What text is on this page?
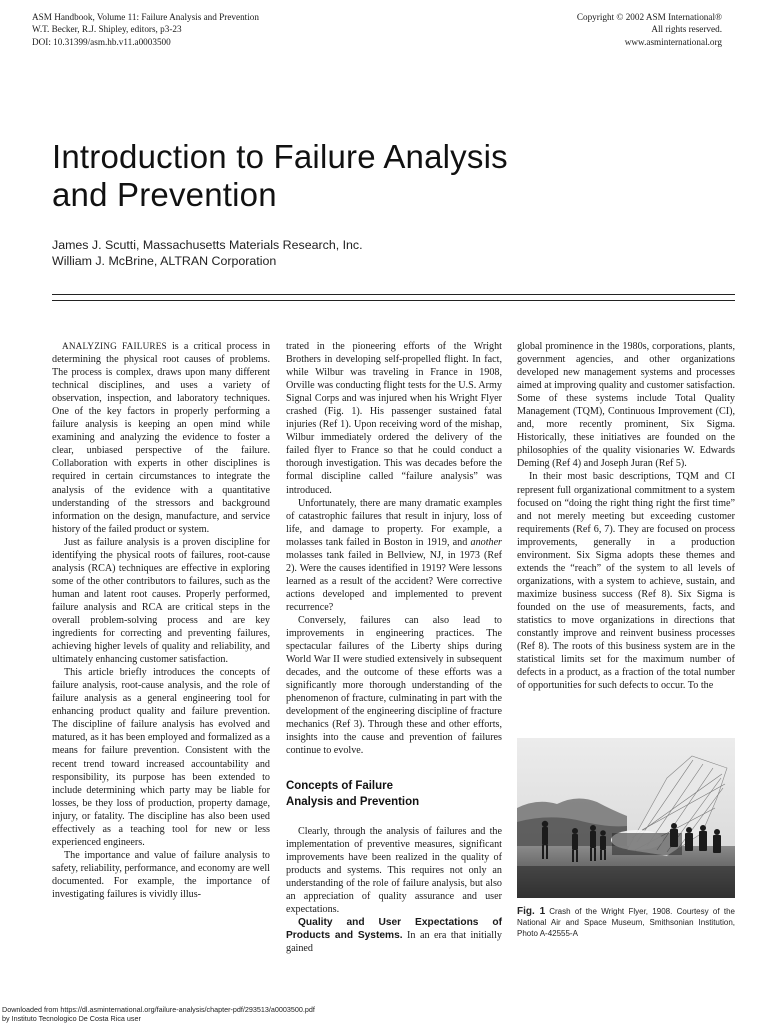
ASM Handbook, Volume 11: Failure Analysis and Prevention
W.T. Becker, R.J. Shipley, editors, p3-23
DOI: 10.31399/asm.hb.v11.a0003500
Copyright © 2002 ASM International®
All rights reserved.
www.asminternational.org
Introduction to Failure Analysis
and Prevention
James J. Scutti, Massachusetts Materials Research, Inc.
William J. McBrine, ALTRAN Corporation

ANALYZING FAILURES is a critical process in determining the physical root causes of problems. The process is complex, draws upon many different technical disciplines, and uses a variety of observation, inspection, and laboratory techniques. One of the key factors in properly performing a failure analysis is keeping an open mind while examining and analyzing the evidence to foster a clear, unbiased perspective of the failure. Collaboration with experts in other disciplines is required in certain circumstances to integrate the analysis of the evidence with a quantitative understanding of the stressors and background information on the design, manufacture, and service history of the failed product or system.

Just as failure analysis is a proven discipline for identifying the physical roots of failures, root-cause analysis (RCA) techniques are effective in exploring some of the other contributors to failures, such as the human and latent root causes. Properly performed, failure analysis and RCA are critical steps in the overall problem-solving process and are key ingredients for correcting and preventing failures, achieving higher levels of quality and reliability, and ultimately enhancing customer satisfaction.

This article briefly introduces the concepts of failure analysis, root-cause analysis, and the role of failure analysis as a general engineering tool for enhancing product quality and failure prevention. The discipline of failure analysis has evolved and matured, as it has been employed and formalized as a means for failure prevention. Consistent with the recent trend toward increased accountability and responsibility, its purpose has been extended to include determining which party may be liable for losses, be they loss of production, property damage, injury, or fatality. The discipline has also been used effectively as a teaching tool for new or less experienced engineers.

The importance and value of failure analysis to safety, reliability, performance, and economy are well documented. For example, the importance of investigating failures is vividly illus-

trated in the pioneering efforts of the Wright Brothers in developing self-propelled flight. In fact, while Wilbur was traveling in France in 1908, Orville was conducting flight tests for the U.S. Army Signal Corps and was injured when his Wright Flyer crashed (Fig. 1). His passenger sustained fatal injuries (Ref 1). Upon receiving word of the mishap, Wilbur immediately ordered the delivery of the failed flyer to France so that he could conduct a thorough investigation. This was decades before the formal discipline called “failure analysis” was introduced.

Unfortunately, there are many dramatic examples of catastrophic failures that result in injury, loss of life, and damage to property. For example, a molasses tank failed in Boston in 1919, and another molasses tank failed in Bellview, NJ, in 1973 (Ref 2). Were the causes identified in 1919? Were lessons learned as a result of the accident? Were corrective actions developed and implemented to prevent recurrence?

Conversely, failures can also lead to improvements in engineering practices. The spectacular failures of the Liberty ships during World War II were studied extensively in subsequent decades, and the outcome of these efforts was a significantly more thorough understanding of the phenomenon of fracture, culminating in part with the development of the engineering discipline of fracture mechanics (Ref 3). Through these and other efforts, insights into the cause and prevention of failures continue to evolve.

Concepts of Failure
Analysis and Prevention

Clearly, through the analysis of failures and the implementation of preventive measures, significant improvements have been realized in the quality of products and systems. This requires not only an understanding of the role of failure analysis, but also an appreciation of quality assurance and user expectations.

Quality and User Expectations of Products and Systems. In an era that initially gained

global prominence in the 1980s, corporations, plants, government agencies, and other organizations developed new management systems and processes aimed at improving quality and customer satisfaction. Some of these systems include Total Quality Management (TQM), Continuous Improvement (CI), and, more recently prominent, Six Sigma. Historically, these initiatives are founded on the philosophies of the quality visionaries W. Edwards Deming (Ref 4) and Joseph Juran (Ref 5).

In their most basic descriptions, TQM and CI represent full organizational commitment to a system focused on “doing the right thing right the first time” and not merely meeting but exceeding customer requirements (Ref 6, 7). They are focused on process improvements, generally in a production environment. Six Sigma adopts these themes and extends the “reach” of the system to all levels of organizations, with a system to achieve, sustain, and maximize business success (Ref 8). Six Sigma is founded on the use of measurements, facts, and statistics to move organizations in directions that constantly improve and reinvent business processes (Ref 8). The roots of this business system are in the statistical limits set for the maximum number of defects in a product, as a fraction of the total number of opportunities for such defects to occur. To the

Fig. 1 Crash of the Wright Flyer, 1908. Courtesy of the National Air and Space Museum, Smithsonian Institution, Photo A-42555-A
Downloaded from https://dl.asminternational.org/failure-analysis/chapter-pdf/293513/a0003500.pdf
by Instituto Tecnologico De Costa Rica user
